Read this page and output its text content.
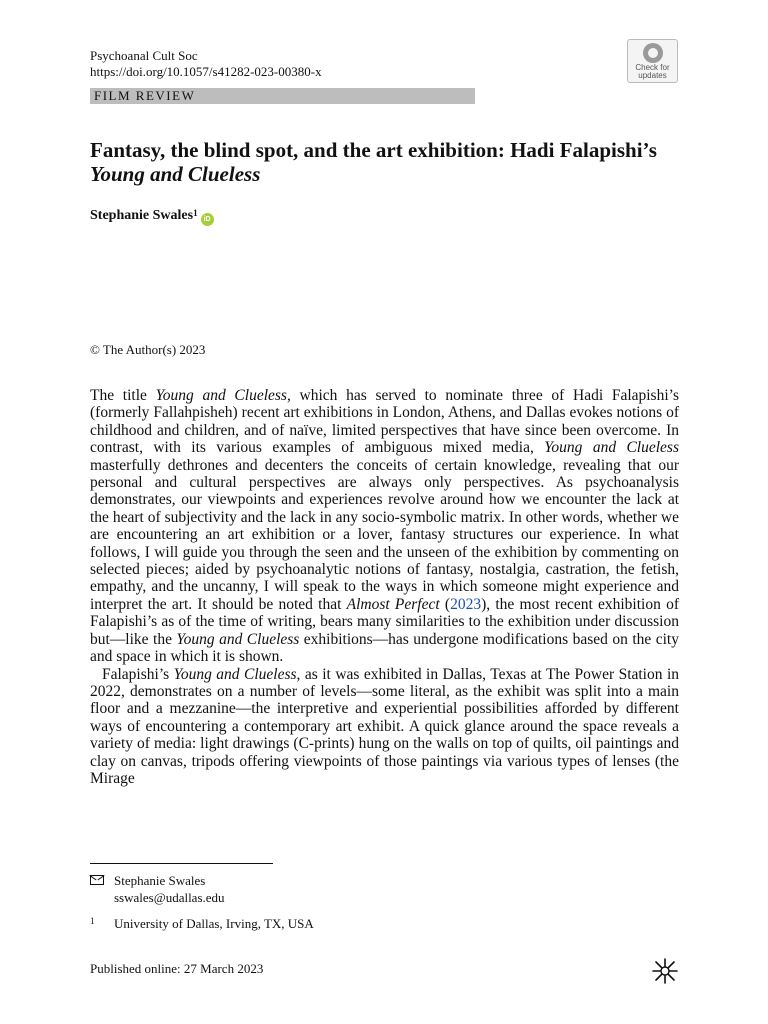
Psychoanal Cult Soc
https://doi.org/10.1057/s41282-023-00380-x	Check for
updates
FILM REVIEW
Fantasy, the blind spot, and the art exhibition: Hadi Falapishi’s Young and Clueless
Stephanie Swales$^1$
iD
© The Author(s) 2023

The title Young and Clueless, which has served to nominate three of Hadi Falapishi’s (formerly Fallahpisheh) recent art exhibitions in London, Athens, and Dallas evokes notions of childhood and children, and of naïve, limited perspectives that have since been overcome. In contrast, with its various examples of ambiguous mixed media, Young and Clueless masterfully dethrones and decenters the conceits of certain knowledge, revealing that our personal and cultural perspectives are always only perspectives. As psychoanalysis demonstrates, our viewpoints and experiences revolve around how we encounter the lack at the heart of subjectivity and the lack in any socio-symbolic matrix. In other words, whether we are encountering an art exhibition or a lover, fantasy structures our experience. In what follows, I will guide you through the seen and the unseen of the exhibition by commenting on selected pieces; aided by psychoanalytic notions of fantasy, nostalgia, castration, the fetish, empathy, and the uncanny, I will speak to the ways in which someone might experience and interpret the art. It should be noted that Almost Perfect (2023), the most recent exhibition of Falapishi’s as of the time of writing, bears many similarities to the exhibition under discussion but—like the Young and Clueless exhibitions—has undergone modifications based on the city and space in which it is shown.

Falapishi’s Young and Clueless, as it was exhibited in Dallas, Texas at The Power Station in 2022, demonstrates on a number of levels—some literal, as the exhibit was split into a main floor and a mezzanine—the interpretive and experiential possibilities afforded by different ways of encountering a contemporary art exhibit. A quick glance around the space reveals a variety of media: light drawings (C-prints) hung on the walls on top of quilts, oil paintings and clay on canvas, tripods offering viewpoints of those paintings via various types of lenses (the Mirage

Stephanie Swales
sswales@udallas.edu
1	University of Dallas, Irving, TX, USA
Published online: 27 March 2023
